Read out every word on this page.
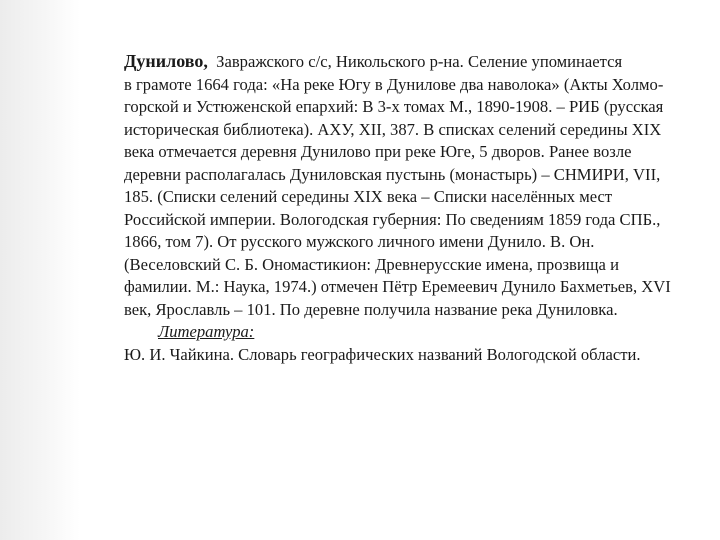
Дунилово, Завражского с/с, Никольского р-на. Селение упоминается
в грамоте 1664 года: «На реке Югу в Дунилове два наволока» (Акты Холмо-
горской и Устюженской епархий: В 3-х томах М., 1890-1908. – РИБ (русская
историческая библиотека). АХУ, XII, 387. В списках селений середины XIX
века отмечается деревня Дунилово при реке Юге, 5 дворов. Ранее возле
деревни располагалась Дуниловская пустынь (монастырь) – СНМИРИ, VII,
185. (Списки селений середины XIX века – Списки населённых мест
Российской империи. Вологодская губерния: По сведениям 1859 года СПБ.,
1866, том 7). От русского мужского личного имени Дунило. В. Он.
(Веселовский С. Б. Ономастикион: Древнерусские имена, прозвища и
фамилии. М.: Наука, 1974.) отмечен Пётр Еремеевич Дунило Бахметьев, XVI
век, Ярославль – 101. По деревне получила название река Дуниловка.
Литература:
Ю. И. Чайкина. Словарь географических названий Вологодской области.
